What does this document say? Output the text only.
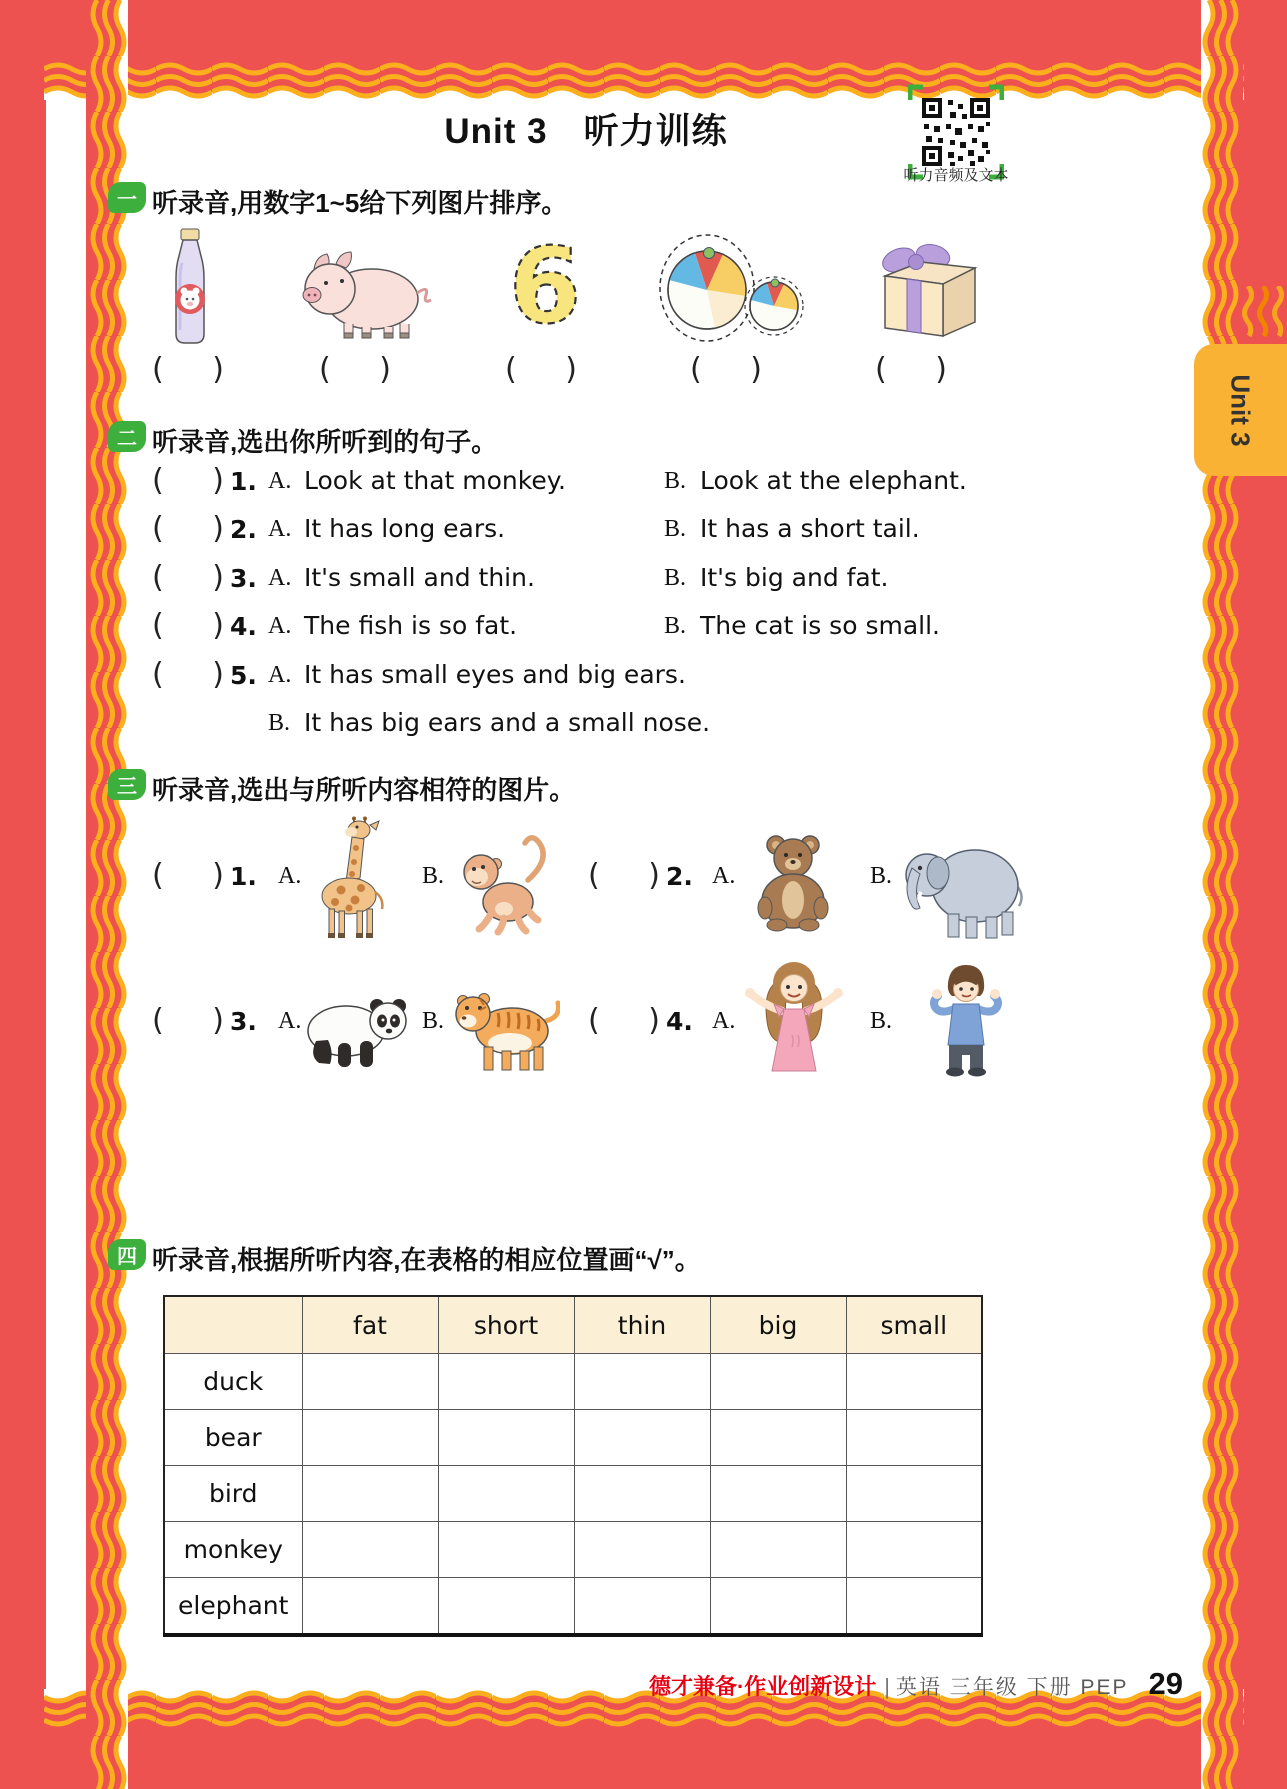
Unit 3
Unit 3　听力训练
听力音频及文本
一 听录音,用数字1~5给下列图片排序。
6
( )	( )	( )	( )	( )
二 听录音,选出你所听到的句子。
( ) 1. A. Look at that monkey.	B. Look at the elephant.
( ) 2. A. It has long ears.	B. It has a short tail.
( ) 3. A. It's small and thin.	B. It's big and fat.
( ) 4. A. The fish is so fat.	B. The cat is so small.
( ) 5. A. It has small eyes and big ears.
B. It has big ears and a small nose.
三 听录音,选出与所听内容相符的图片。
( ) 1. A.	B.	( ) 2. A.	B.
( ) 3. A.	B.	( ) 4. A.	B.
四 听录音,根据所听内容,在表格的相应位置画“√”。
	fat	short	thin	big	small
duck					
bear					
bird					
monkey					
elephant					
德才兼备·作业创新设计 | 英语 三年级 下册 PEP 29
